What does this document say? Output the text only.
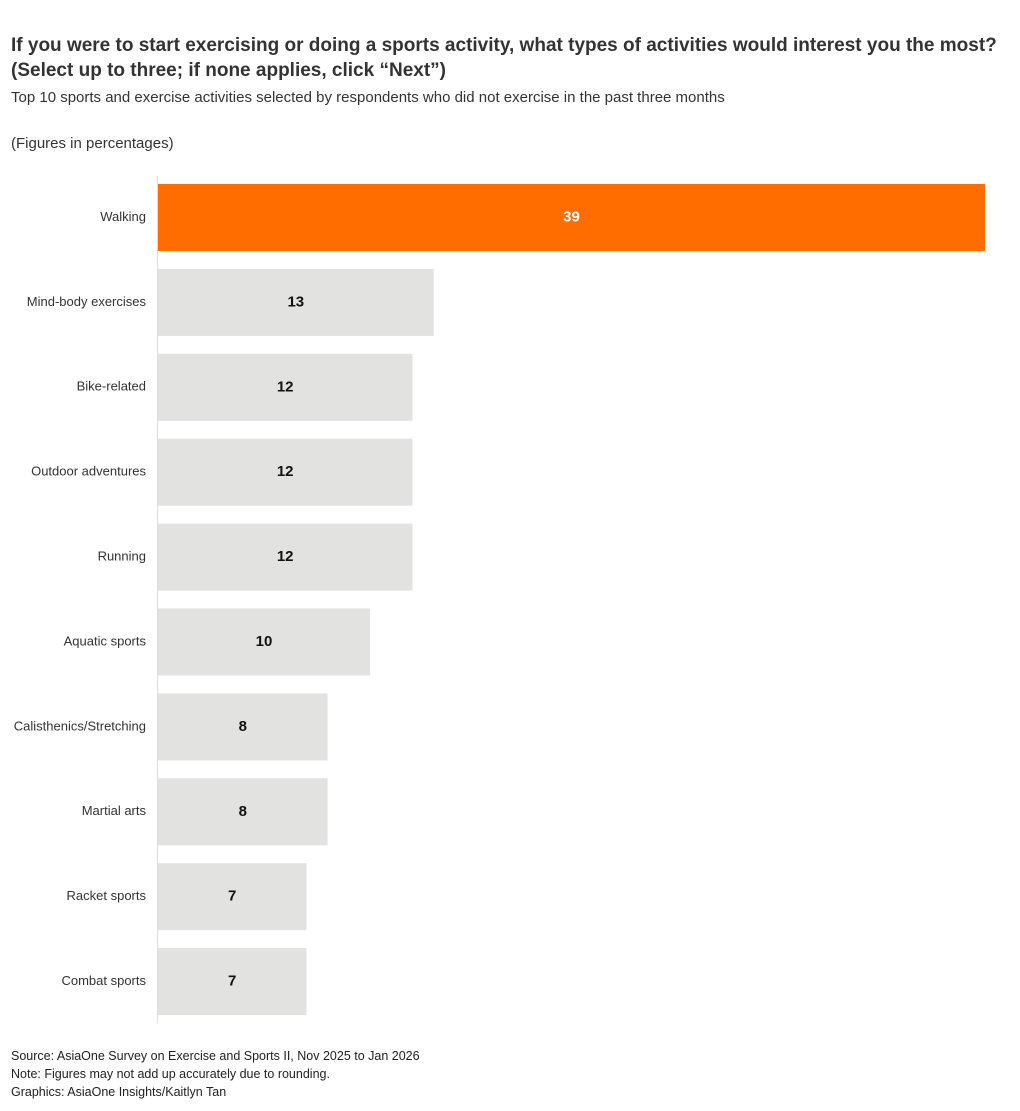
If you were to start exercising or doing a sports activity, what types of activities would interest you the most? (Select up to three; if none applies, click “Next”)

Top 10 sports and exercise activities selected by respondents who did not exercise in the past three months

(Figures in percentages)

Walking	39
Mind-body exercises	13
Bike-related	12
Outdoor adventures	12
Running	12
Aquatic sports	10
Calisthenics/Stretching	8
Martial arts	8
Racket sports	7
Combat sports	7
Source: AsiaOne Survey on Exercise and Sports II, Nov 2025 to Jan 2026
Note: Figures may not add up accurately due to rounding.
Graphics: AsiaOne Insights/Kaitlyn Tan
